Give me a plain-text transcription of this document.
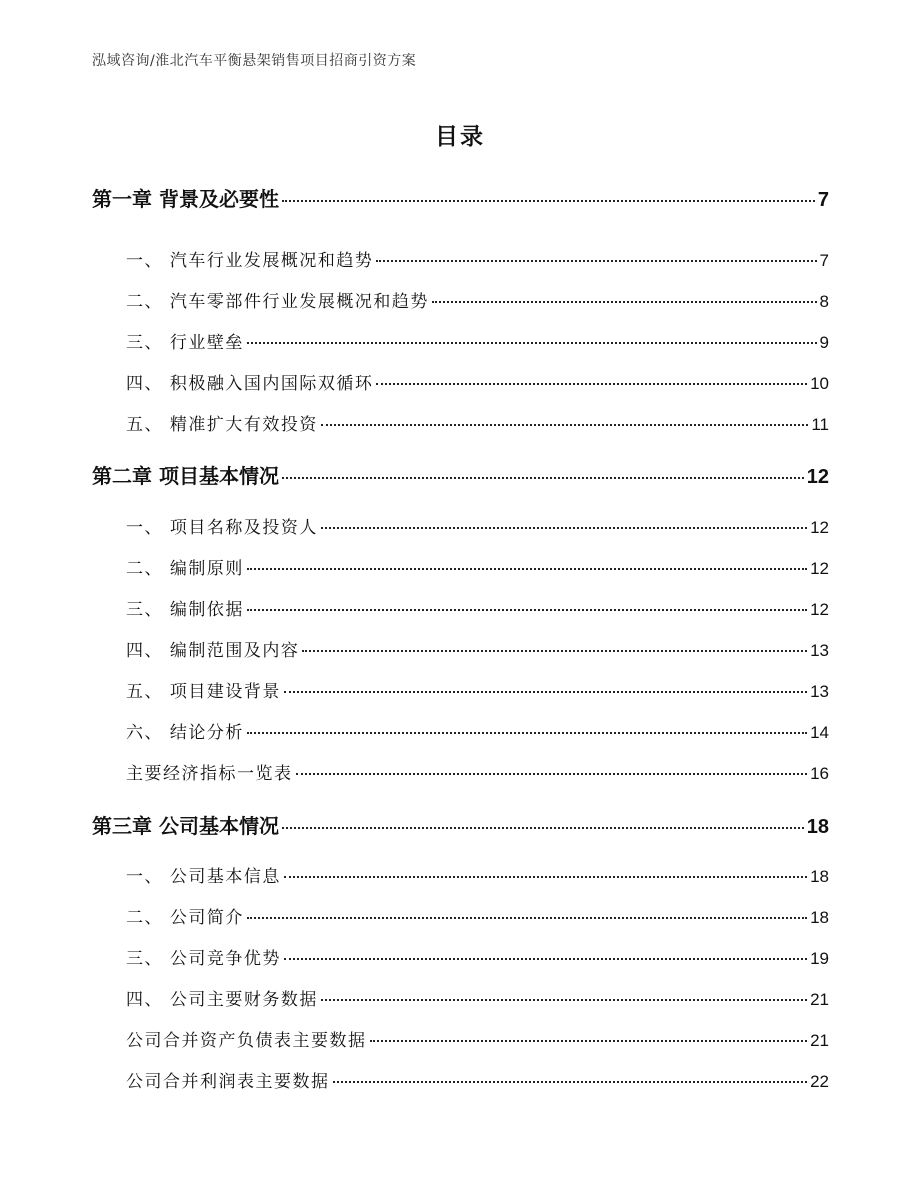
泓域咨询/淮北汽车平衡悬架销售项目招商引资方案
目录
第一章 背景及必要性	7
一、 汽车行业发展概况和趋势	7
二、 汽车零部件行业发展概况和趋势	8
三、 行业壁垒	9
四、 积极融入国内国际双循环	10
五、 精准扩大有效投资	11
第二章 项目基本情况	12
一、 项目名称及投资人	12
二、 编制原则	12
三、 编制依据	12
四、 编制范围及内容	13
五、 项目建设背景	13
六、 结论分析	14
主要经济指标一览表	16
第三章 公司基本情况	18
一、 公司基本信息	18
二、 公司简介	18
三、 公司竞争优势	19
四、 公司主要财务数据	21
公司合并资产负债表主要数据	21
公司合并利润表主要数据	22
